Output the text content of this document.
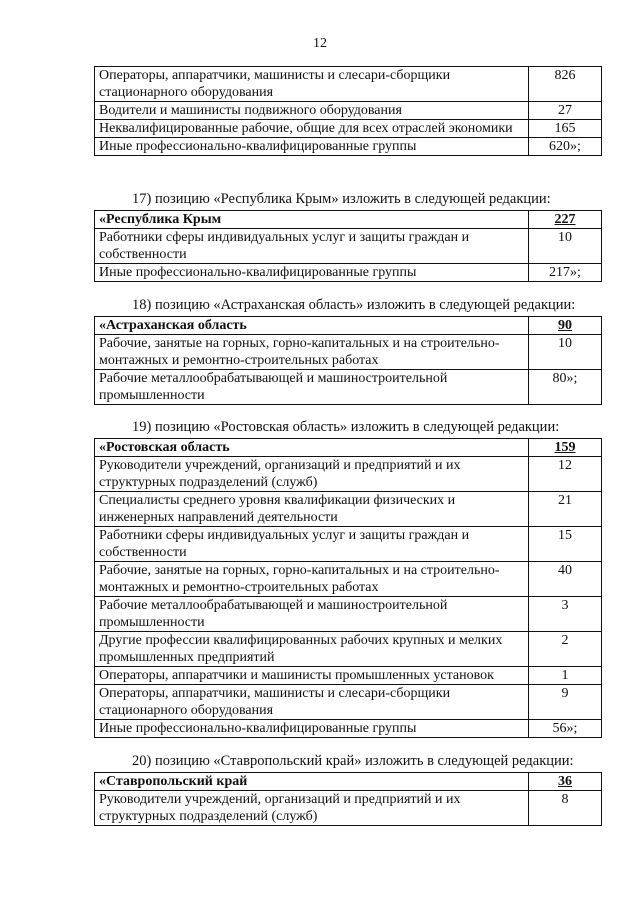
12
Операторы, аппаратчики, машинисты и слесари-сборщики стационарного оборудования	826
Водители и машинисты подвижного оборудования	27
Неквалифицированные рабочие, общие для всех отраслей экономики	165
Иные профессионально-квалифицированные группы	620»;
17) позицию «Республика Крым» изложить в следующей редакции:
«Республика Крым	227
Работники сферы индивидуальных услуг и защиты граждан и собственности	10
Иные профессионально-квалифицированные группы	217»;
18) позицию «Астраханская область» изложить в следующей редакции:
«Астраханская область	90
Рабочие, занятые на горных, горно-капитальных и на строительно-монтажных и ремонтно-строительных работах	10
Рабочие металлообрабатывающей и машиностроительной промышленности	80»;
19) позицию «Ростовская область» изложить в следующей редакции:
«Ростовская область	159
Руководители учреждений, организаций и предприятий и их структурных подразделений (служб)	12
Специалисты среднего уровня квалификации физических и инженерных направлений деятельности	21
Работники сферы индивидуальных услуг и защиты граждан и собственности	15
Рабочие, занятые на горных, горно-капитальных и на строительно-монтажных и ремонтно-строительных работах	40
Рабочие металлообрабатывающей и машиностроительной промышленности	3
Другие профессии квалифицированных рабочих крупных и мелких промышленных предприятий	2
Операторы, аппаратчики и машинисты промышленных установок	1
Операторы, аппаратчики, машинисты и слесари-сборщики стационарного оборудования	9
Иные профессионально-квалифицированные группы	56»;
20) позицию «Ставропольский край» изложить в следующей редакции:
«Ставропольский край	36
Руководители учреждений, организаций и предприятий и их структурных подразделений (служб)	8
